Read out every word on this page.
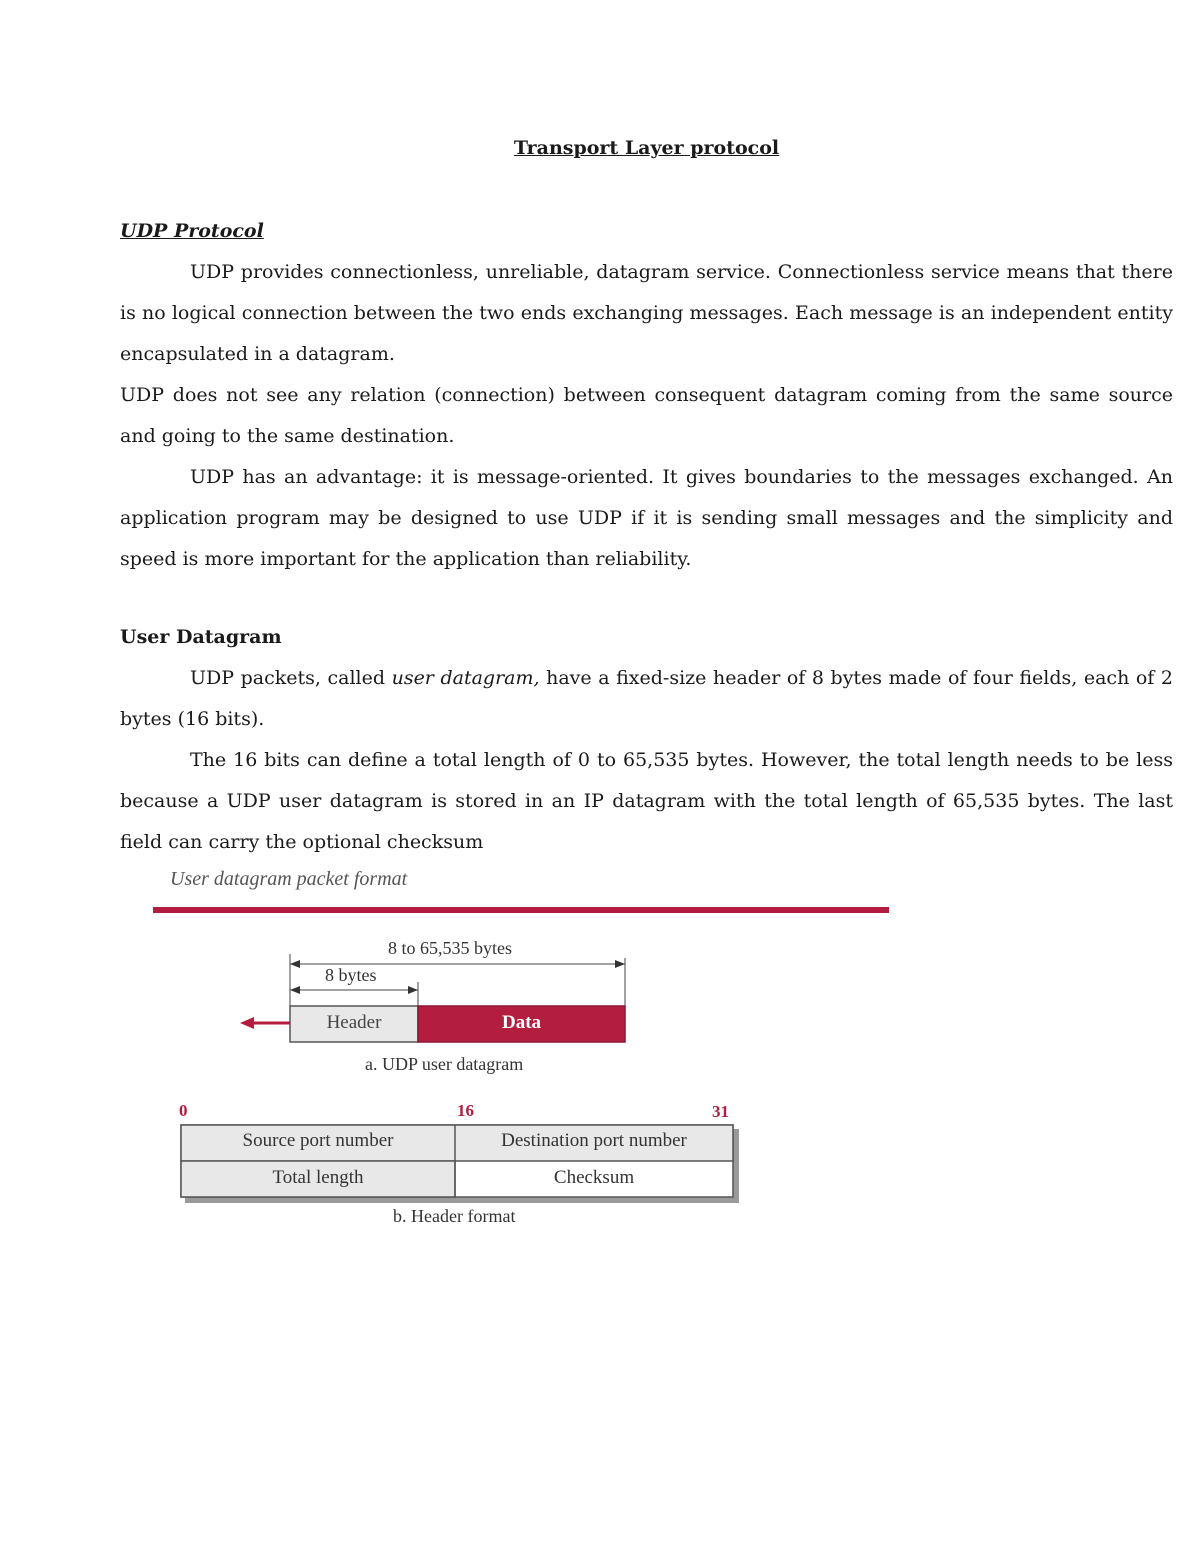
Transport Layer protocol

UDP Protocol

UDP provides connectionless, unreliable, datagram service. Connectionless service means that there is no logical connection between the two ends exchanging messages. Each message is an independent entity encapsulated in a datagram.

UDP does not see any relation (connection) between consequent datagram coming from the same source and going to the same destination.

UDP has an advantage: it is message-oriented. It gives boundaries to the messages exchanged. An application program may be designed to use UDP if it is sending small messages and the simplicity and speed is more important for the application than reliability.

User Datagram

UDP packets, called user datagram, have a fixed-size header of 8 bytes made of four fields, each of 2 bytes (16 bits).

The 16 bits can define a total length of 0 to 65,535 bytes. However, the total length needs to be less because a UDP user datagram is stored in an IP datagram with the total length of 65,535 bytes. The last field can carry the optional checksum

User datagram packet format
8 to 65,535 bytes
8 bytes
Header	Data
a. UDP user datagram
0	16	31
Source port number	Destination port number
Total length	Checksum
b. Header format
